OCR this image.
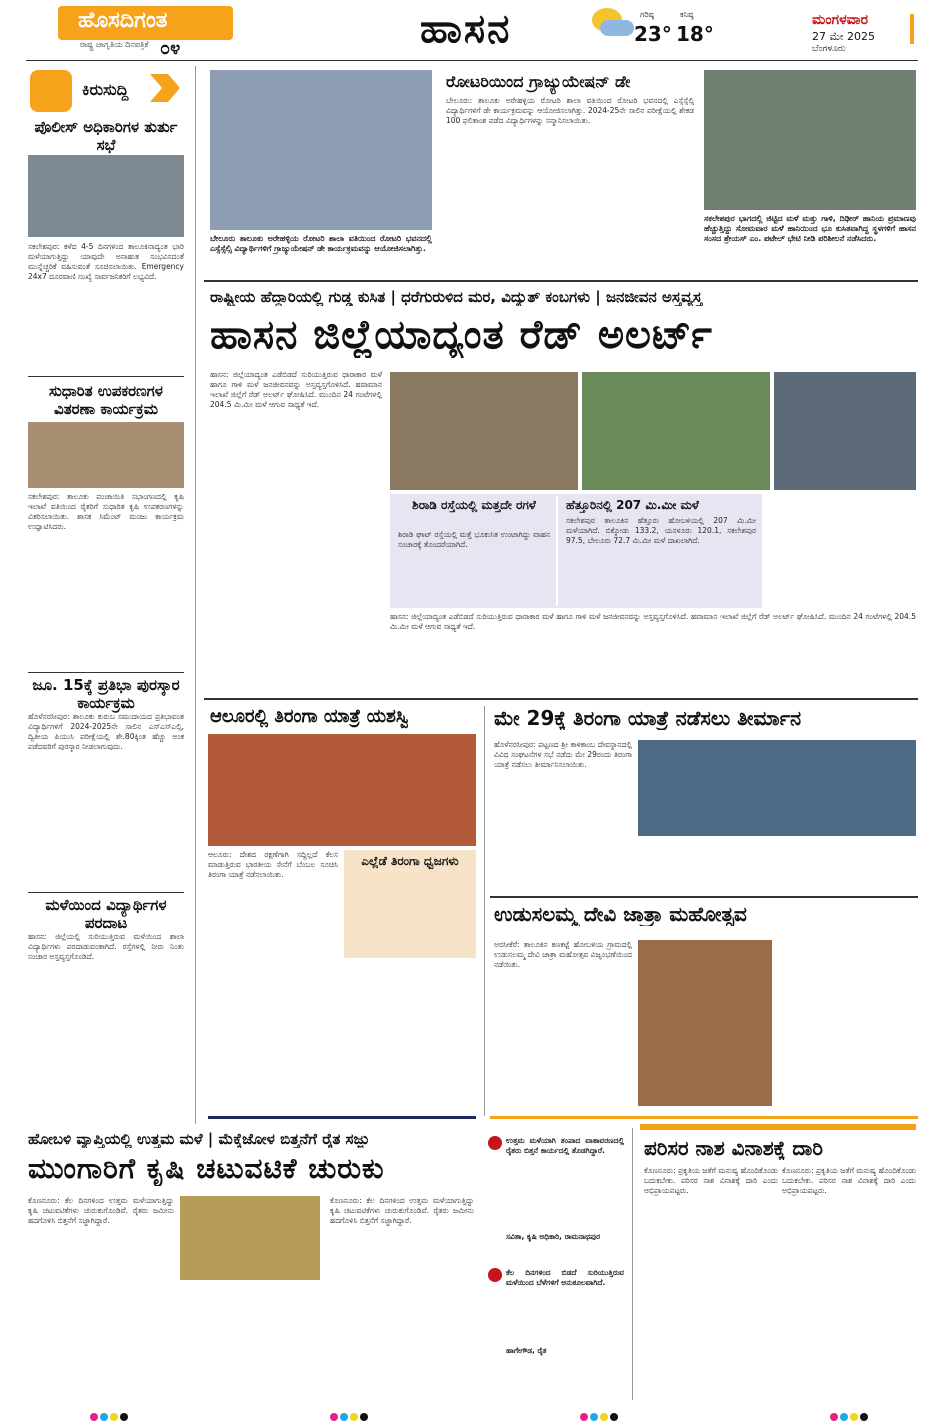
ಹೊಸದಿಗಂತ
ರಾಷ್ಟ್ರ ಜಾಗೃತಿಯ ದಿನಪತ್ರಿಕೆ ೦೪	ಹಾಸನ	ಗರಿಷ್ಠ
23°
ಕನಿಷ್ಠ
18°
ಮಂಗಳವಾರ
27 ಮೇ 2025
ಬೆಂಗಳೂರು
ಕಿರುಸುದ್ದಿ
ಪೊಲೀಸ್ ಅಧಿಕಾರಿಗಳ ತುರ್ತು ಸಭೆ
ಸಕಲೇಶಪುರ: ಕಳೆದ 4-5 ದಿನಗಳಿಂದ ತಾಲೂಕಿನಾದ್ಯಂತ ಭಾರಿ ಮಳೆಯಾಗುತ್ತಿದ್ದು ಯಾವುದೇ ಅನಾಹುತ ಸಂಭವಿಸದಂತೆ ಮುನ್ನೆಚ್ಚರಿಕೆ ವಹಿಸುವಂತೆ ಸೂಚಿಸಲಾಯಿತು. Emergency 24x7 ದೂರವಾಣಿ ಸಂಖ್ಯೆ ಸಾರ್ವಜನಿಕರಿಗೆ ಲಭ್ಯವಿದೆ.
ಸುಧಾರಿತ ಉಪಕರಣಗಳ ವಿತರಣಾ ಕಾರ್ಯಕ್ರಮ
ಸಕಲೇಶಪುರ: ತಾಲೂಕು ಪಂಚಾಯಿತಿ ಸಭಾಂಗಣದಲ್ಲಿ ಕೃಷಿ ಇಲಾಖೆ ವತಿಯಿಂದ ರೈತರಿಗೆ ಸುಧಾರಿತ ಕೃಷಿ ಉಪಕರಣಗಳನ್ನು ವಿತರಿಸಲಾಯಿತು. ಶಾಸಕ ಸಿಮೆಂಟ್ ಮಂಜು ಕಾರ್ಯಕ್ರಮ ಉದ್ಘಾಟಿಸಿದರು.
ಜೂ. 15ಕ್ಕೆ ಪ್ರತಿಭಾ ಪುರಸ್ಕಾರ ಕಾರ್ಯಕ್ರಮ
ಹೊಳೆನರಸೀಪುರ: ತಾಲೂಕು ಕುರುಬ ಸಮುದಾಯದ ಪ್ರತಿಭಾವಂತ ವಿದ್ಯಾರ್ಥಿಗಳಿಗೆ 2024-2025ನೇ ಸಾಲಿನ ಎಸ್ಎಸ್ಎಲ್ಸಿ, ದ್ವಿತೀಯ ಪಿಯುಸಿ ಪರೀಕ್ಷೆಯಲ್ಲಿ ಶೇ.80ಕ್ಕಿಂತ ಹೆಚ್ಚು ಅಂಕ ಪಡೆದವರಿಗೆ ಪುರಸ್ಕಾರ ನೀಡಲಾಗುವುದು.
ಮಳೆಯಿಂದ ವಿದ್ಯಾರ್ಥಿಗಳ ಪರದಾಟ
ಹಾಸನ: ಜಿಲ್ಲೆಯಲ್ಲಿ ಸುರಿಯುತ್ತಿರುವ ಮಳೆಯಿಂದ ಶಾಲಾ ವಿದ್ಯಾರ್ಥಿಗಳು ಪರದಾಡುವಂತಾಗಿದೆ. ರಸ್ತೆಗಳಲ್ಲಿ ನೀರು ನಿಂತು ಸಂಚಾರ ಅಸ್ತವ್ಯಸ್ತಗೊಂಡಿದೆ.
ಬೇಲೂರು ತಾಲೂಕು ಅರೇಹಳ್ಳಿಯ ರೋಟರಿ ಶಾಲಾ ವತಿಯಿಂದ ರೋಟರಿ ಭವನದಲ್ಲಿ ಎಸ್ಸೆಸ್ಸೆಲ್ಸಿ ವಿದ್ಯಾರ್ಥಿಗಳಿಗೆ ಗ್ರಾಜ್ಯುಯೇಷನ್ ಡೇ ಕಾರ್ಯಕ್ರಮವನ್ನು ಆಯೋಜಿಸಲಾಗಿತ್ತು.
ರೋಟರಿಯಿಂದ ಗ್ರಾಜ್ಯುಯೇಷನ್ ಡೇ
ಬೇಲೂರು: ತಾಲೂಕು ಅರೇಹಳ್ಳಿಯ ರೋಟರಿ ಶಾಲಾ ವತಿಯಿಂದ ರೋಟರಿ ಭವನದಲ್ಲಿ ಎಸ್ಸೆಸ್ಸೆಲ್ಸಿ ವಿದ್ಯಾರ್ಥಿಗಳಿಗೆ ಡೇ ಕಾರ್ಯಕ್ರಮವನ್ನು ಆಯೋಜಿಸಲಾಗಿತ್ತು. 2024-25ನೇ ಸಾಲಿನ ಪರೀಕ್ಷೆಯಲ್ಲಿ ಶೇಕಡ 100 ಫಲಿತಾಂಶ ಪಡೆದ ವಿದ್ಯಾರ್ಥಿಗಳನ್ನು ಸನ್ಮಾನಿಸಲಾಯಿತು.
ಸಕಲೇಶಪುರ ಭಾಗದಲ್ಲಿ ಜಿಟ್ಟಿದ ಮಳೆ ಮತ್ತು ಗಾಳಿ, ದಿಢೀರ್ ಹಾನಿಯ ಪ್ರಮಾಣವು ಹೆಚ್ಚುತ್ತಿದ್ದು ಸೋಮವಾರ ಮಳೆ ಹಾನಿಯಿಂದ ಭೂ ಕುಸಿತವಾಗಿದ್ದ ಸ್ಥಳಗಳಿಗೆ ಹಾಸನ ಸಂಸದ ಶ್ರೇಯಸ್ ಎಂ. ಪಟೇಲ್ ಭೇಟಿ ನೀಡಿ ಪರಿಶೀಲನೆ ನಡೆಸಿದರು.
ರಾಷ್ಟ್ರೀಯ ಹೆದ್ದಾರಿಯಲ್ಲಿ ಗುಡ್ಡ ಕುಸಿತ | ಧರೆಗುರುಳಿದ ಮರ, ವಿದ್ಯುತ್ ಕಂಬಗಳು | ಜನಜೀವನ ಅಸ್ತವ್ಯಸ್ತ
ಹಾಸನ ಜಿಲ್ಲೆಯಾದ್ಯಂತ ರೆಡ್ ಅಲರ್ಟ್
ಹಾಸನ: ಜಿಲ್ಲೆಯಾದ್ಯಂತ ಎಡೆಬಿಡದೆ ಸುರಿಯುತ್ತಿರುವ ಧಾರಾಕಾರ ಮಳೆ ಹಾಗೂ ಗಾಳಿ ಮಳೆ ಜನಜೀವನವನ್ನು ಅಸ್ತವ್ಯಸ್ತಗೊಳಿಸಿದೆ. ಹವಾಮಾನ ಇಲಾಖೆ ಜಿಲ್ಲೆಗೆ ರೆಡ್ ಅಲರ್ಟ್ ಘೋಷಿಸಿದೆ. ಮುಂದಿನ 24 ಗಂಟೆಗಳಲ್ಲಿ 204.5 ಮಿ.ಮೀ ಮಳೆ ಆಗುವ ಸಾಧ್ಯತೆ ಇದೆ.
ಶಿರಾಡಿ ರಸ್ತೆಯಲ್ಲಿ ಮತ್ತದೇ ರಗಳೆ
ಶಿರಾಡಿ ಘಾಟ್ ರಸ್ತೆಯಲ್ಲಿ ಮತ್ತೆ ಭೂಕುಸಿತ ಉಂಟಾಗಿದ್ದು ವಾಹನ ಸಂಚಾರಕ್ಕೆ ತೊಂದರೆಯಾಗಿದೆ.
ಹೆತ್ತೂರಿನಲ್ಲಿ 207 ಮಿ.ಮೀ ಮಳೆ
ಸಕಲೇಶಪುರ ತಾಲೂಕಿನ ಹೆತ್ತೂರು ಹೋಬಳಿಯಲ್ಲಿ 207 ಮಿ.ಮೀ ಮಳೆಯಾಗಿದೆ. ಬಿಕ್ಕೋಡು 133.2, ಯಸಳೂರು 120.1, ಸಕಲೇಶಪುರ 97.5, ಬೇಲೂರು 72.7 ಮಿ.ಮೀ ಮಳೆ ದಾಖಲಾಗಿದೆ.
ಹಾಸನ: ಜಿಲ್ಲೆಯಾದ್ಯಂತ ಎಡೆಬಿಡದೆ ಸುರಿಯುತ್ತಿರುವ ಧಾರಾಕಾರ ಮಳೆ ಹಾಗೂ ಗಾಳಿ ಮಳೆ ಜನಜೀವನವನ್ನು ಅಸ್ತವ್ಯಸ್ತಗೊಳಿಸಿದೆ. ಹವಾಮಾನ ಇಲಾಖೆ ಜಿಲ್ಲೆಗೆ ರೆಡ್ ಅಲರ್ಟ್ ಘೋಷಿಸಿದೆ. ಮುಂದಿನ 24 ಗಂಟೆಗಳಲ್ಲಿ 204.5 ಮಿ.ಮೀ ಮಳೆ ಆಗುವ ಸಾಧ್ಯತೆ ಇದೆ.
ಆಲೂರಲ್ಲಿ ತಿರಂಗಾ ಯಾತ್ರೆ ಯಶಸ್ವಿ
ಆಲೂರು: ದೇಶದ ರಕ್ಷಣೆಗಾಗಿ ಸದ್ದಿಲ್ಲದೆ ಕೆಲಸ ಮಾಡುತ್ತಿರುವ ಭಾರತೀಯ ಸೇನೆಗೆ ಬೆಂಬಲ ಸೂಚಿಸಿ ತಿರಂಗಾ ಯಾತ್ರೆ ನಡೆಸಲಾಯಿತು.
ಎಲ್ಲೆಡೆ ತಿರಂಗಾ ಧ್ವಜಗಳು
ಮೇ 29ಕ್ಕೆ ತಿರಂಗಾ ಯಾತ್ರೆ ನಡೆಸಲು ತೀರ್ಮಾನ
ಹೊಳೆನರಸೀಪುರ: ಪಟ್ಟಣದ ಶ್ರೀ ಕಾಳಿಕಾಂಬ ದೇವಸ್ಥಾನದಲ್ಲಿ ವಿವಿಧ ಸಂಘಟನೆಗಳ ಸಭೆ ನಡೆದು ಮೇ 29ರಂದು ತಿರಂಗಾ ಯಾತ್ರೆ ನಡೆಸಲು ತೀರ್ಮಾನಿಸಲಾಯಿತು.
ಉಡುಸಲಮ್ಮ ದೇವಿ ಜಾತ್ರಾ ಮಹೋತ್ಸವ
ಅರಸೀಕೆರೆ: ತಾಲೂಕಿನ ಕಣಕಟ್ಟೆ ಹೋಬಳಿಯ ಗ್ರಾಮದಲ್ಲಿ ಉಡುಸಲಮ್ಮ ದೇವಿ ಜಾತ್ರಾ ಮಹೋತ್ಸವ ವಿಜೃಂಭಣೆಯಿಂದ ನಡೆಯಿತು.
ಹೋಬಳಿ ವ್ಯಾಪ್ತಿಯಲ್ಲಿ ಉತ್ತಮ ಮಳೆ | ಮೆಕ್ಕೆಜೋಳ ಬಿತ್ತನೆಗೆ ರೈತ ಸಜ್ಜು
ಮುಂಗಾರಿಗೆ ಕೃಷಿ ಚಟುವಟಿಕೆ ಚುರುಕು
ಕೊಣನೂರು: ಕೆಲ ದಿನಗಳಿಂದ ಉತ್ತಮ ಮಳೆಯಾಗುತ್ತಿದ್ದು ಕೃಷಿ ಚಟುವಟಿಕೆಗಳು ಚುರುಕುಗೊಂಡಿವೆ. ರೈತರು ಜಮೀನು ಹದಗೊಳಿಸಿ ಬಿತ್ತನೆಗೆ ಸಜ್ಜಾಗಿದ್ದಾರೆ.
ಕೊಣನೂರು: ಕೆಲ ದಿನಗಳಿಂದ ಉತ್ತಮ ಮಳೆಯಾಗುತ್ತಿದ್ದು ಕೃಷಿ ಚಟುವಟಿಕೆಗಳು ಚುರುಕುಗೊಂಡಿವೆ. ರೈತರು ಜಮೀನು ಹದಗೊಳಿಸಿ ಬಿತ್ತನೆಗೆ ಸಜ್ಜಾಗಿದ್ದಾರೆ.
ಉತ್ತಮ ಮಳೆಯಾಗಿ ತಂಪಾದ ವಾತಾವರಣದಲ್ಲಿ ರೈತರು ಬಿತ್ತನೆ ಕಾರ್ಯದಲ್ಲಿ ತೊಡಗಿದ್ದಾರೆ.
ಸವಿತಾ, ಕೃಷಿ ಅಧಿಕಾರಿ, ರಾಮನಾಥಪುರ
ಕೆಲ ದಿನಗಳಿಂದ ಬಿಡದೆ ಸುರಿಯುತ್ತಿರುವ ಮಳೆಯಿಂದ ಬೆಳೆಗಳಿಗೆ ಅನುಕೂಲವಾಗಿದೆ.
ಹಾಗೇಗೌಡ, ರೈತ
ಪರಿಸರ ನಾಶ ವಿನಾಶಕ್ಕೆ ದಾರಿ
ಕೊಣನೂರು: ಪ್ರಕೃತಿಯ ಜತೆಗೆ ಮನುಷ್ಯ ಹೊಂದಿಕೊಂಡು ಬದುಕಬೇಕು. ಪರಿಸರ ನಾಶ ವಿನಾಶಕ್ಕೆ ದಾರಿ ಎಂದು ಅಭಿಪ್ರಾಯಪಟ್ಟರು.
ಕೊಣನೂರು: ಪ್ರಕೃತಿಯ ಜತೆಗೆ ಮನುಷ್ಯ ಹೊಂದಿಕೊಂಡು ಬದುಕಬೇಕು. ಪರಿಸರ ನಾಶ ವಿನಾಶಕ್ಕೆ ದಾರಿ ಎಂದು ಅಭಿಪ್ರಾಯಪಟ್ಟರು.
